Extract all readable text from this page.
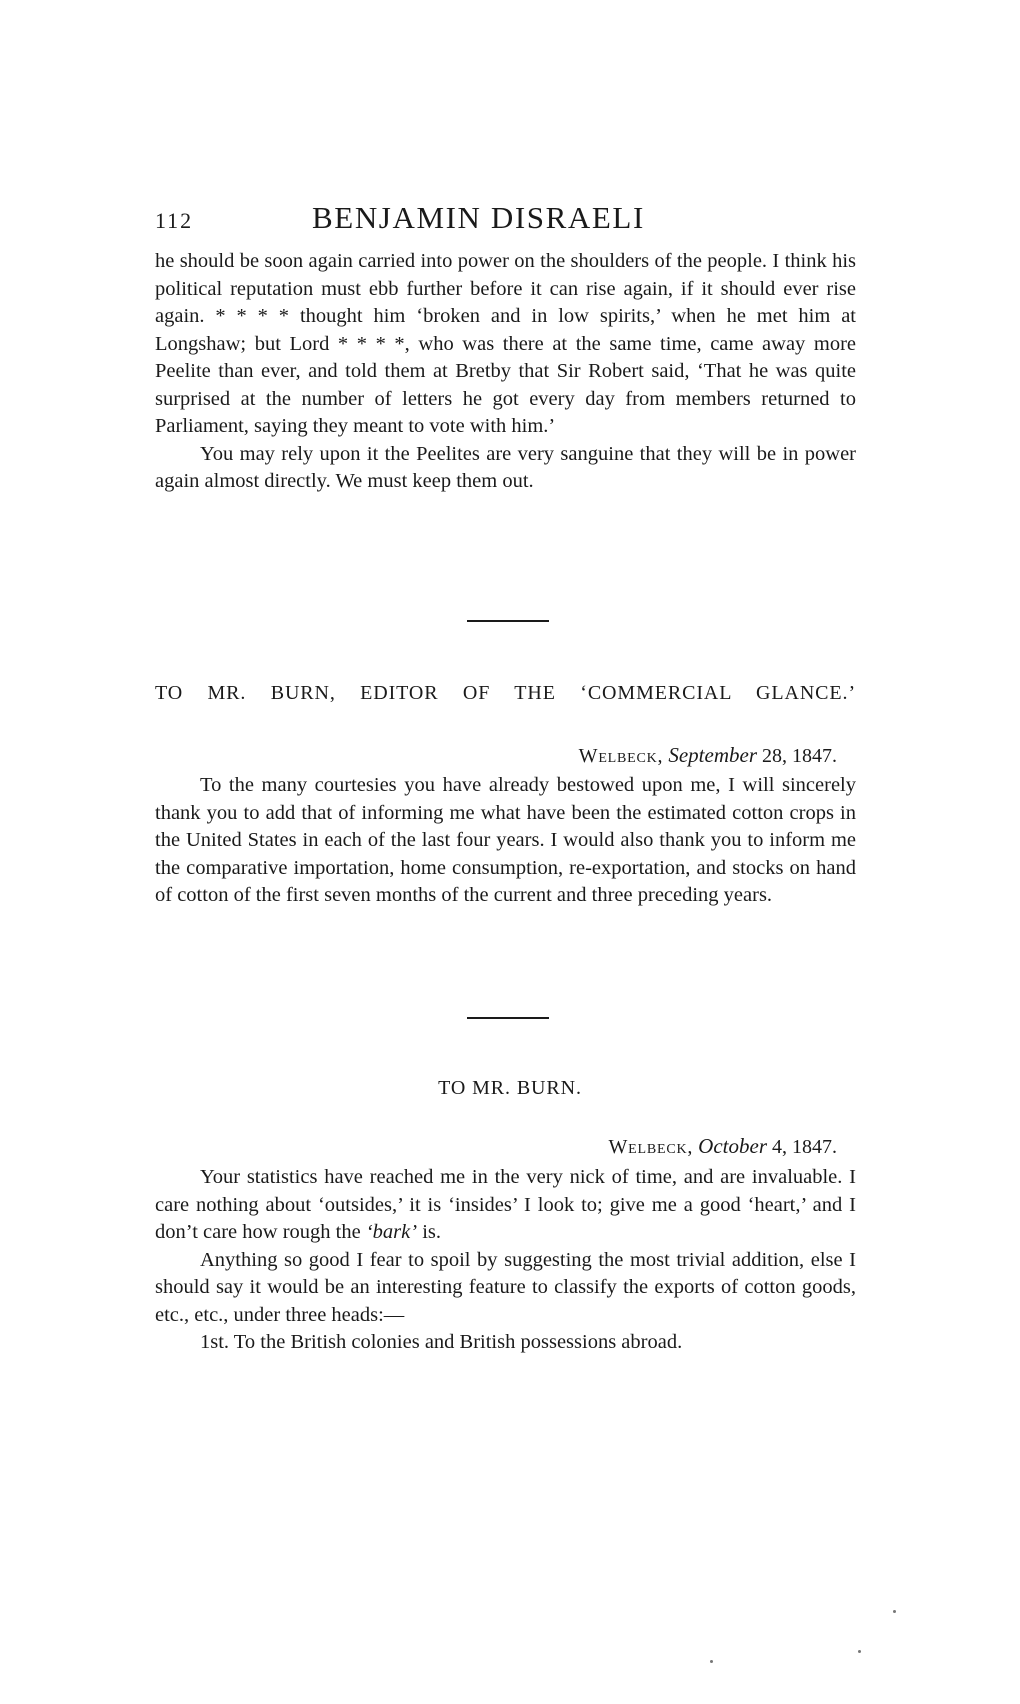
112	BENJAMIN DISRAELI

he should be soon again carried into power on the shoulders of the people. I think his political reputation must ebb further before it can rise again, if it should ever rise again. * * * * thought him ‘broken and in low spirits,’ when he met him at Longshaw; but Lord * * * *, who was there at the same time, came away more Peelite than ever, and told them at Bretby that Sir Robert said, ‘That he was quite surprised at the number of letters he got every day from members returned to Parliament, saying they meant to vote with him.’

You may rely upon it the Peelites are very sanguine that they will be in power again almost directly. We must keep them out.

TO MR. BURN, EDITOR OF THE ‘COMMERCIAL GLANCE.’
Welbeck, September 28, 1847.

To the many courtesies you have already bestowed upon me, I will sincerely thank you to add that of informing me what have been the estimated cotton crops in the United States in each of the last four years. I would also thank you to inform me the comparative importation, home consumption, re-exportation, and stocks on hand of cotton of the first seven months of the current and three preceding years.

TO MR. BURN.
Welbeck, October 4, 1847.

Your statistics have reached me in the very nick of time, and are invaluable. I care nothing about ‘outsides,’ it is ‘insides’ I look to; give me a good ‘heart,’ and I don’t care how rough the ‘bark’ is.

Anything so good I fear to spoil by suggesting the most trivial addition, else I should say it would be an interesting feature to classify the exports of cotton goods, etc., etc., under three heads:—

1st. To the British colonies and British possessions abroad.
